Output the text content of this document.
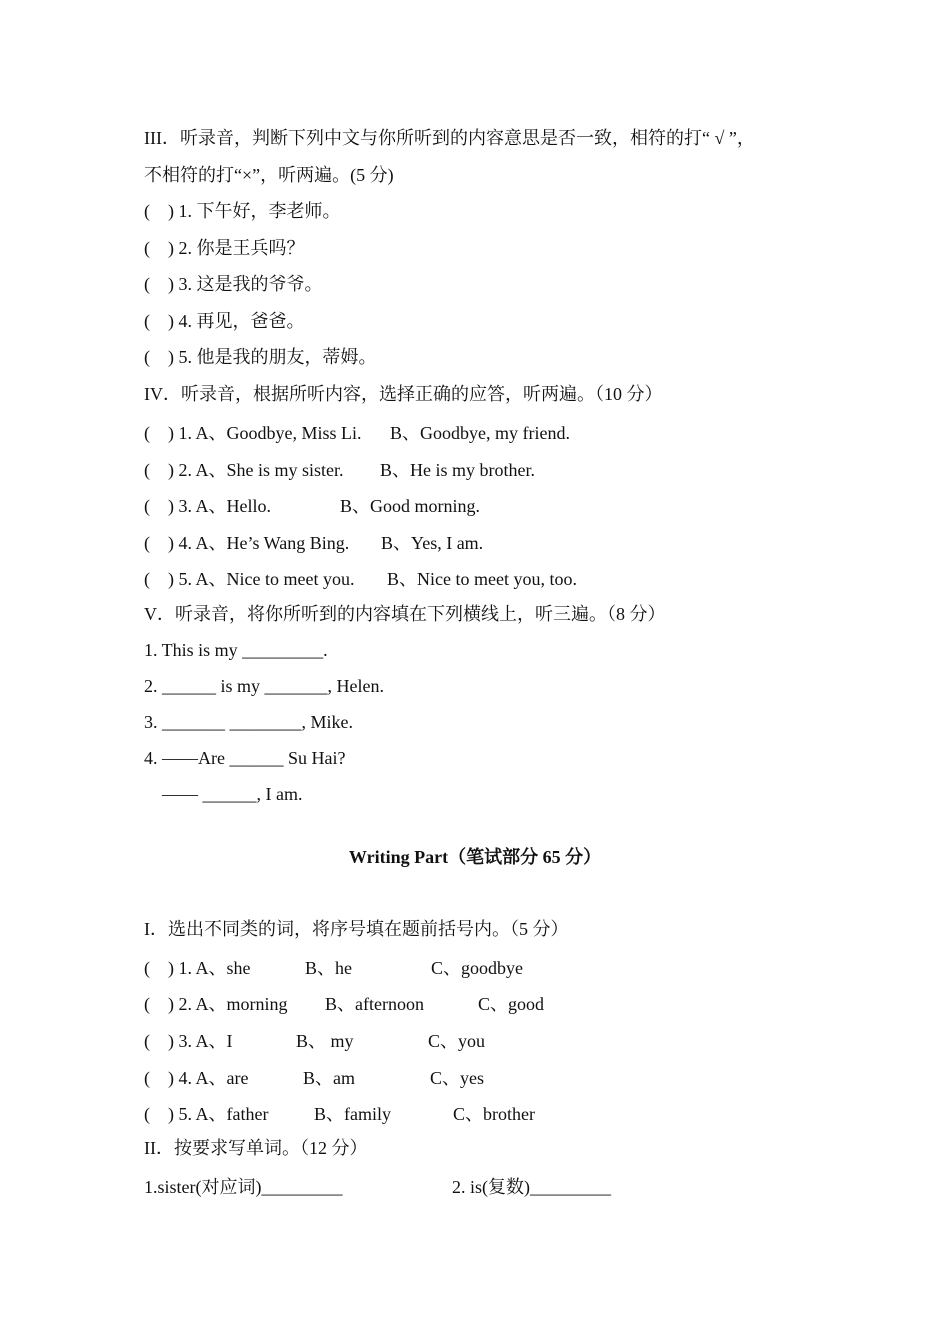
III．听录音，判断下列中文与你所听到的内容意思是否一致，相符的打“ √ ”，
不相符的打“×”，听两遍。(5 分)
(    ) 1. 下午好，李老师。
(    ) 2. 你是王兵吗？
(    ) 3. 这是我的爷爷。
(    ) 4. 再见，爸爸。
(    ) 5. 他是我的朋友，蒂姆。
IV．听录音，根据所听内容，选择正确的应答，听两遍。（10 分）
(    ) 1. A、Goodbye, Miss Li. B、Goodbye, my friend.
(    ) 2. A、She is my sister. B、He is my brother.
(    ) 3. A、Hello.	B、Good morning.
(    ) 4. A、He’s Wang Bing. B、Yes, I am.
(    ) 5. A、Nice to meet you. B、Nice to meet you, too.
V．听录音，将你所听到的内容填在下列横线上，听三遍。（8 分）
1. This is my _________.
2. ______ is my _______, Helen.
3. _______ ________, Mike.
4. ——Are ______ Su Hai?
—— ______, I am.
Writing Part（笔试部分 65 分）
I．选出不同类的词，将序号填在题前括号内。（5 分）
(    ) 1. A、she	B、he	C、goodbye
(    ) 2. A、morning B、afternoon	C、good
(    ) 3. A、I	B、 my	C、you
(    ) 4. A、are	B、am	C、yes
(    ) 5. A、father	B、family	C、brother
II．按要求写单词。（12 分）
1.sister(对应词)_________	2. is(复数)_________
